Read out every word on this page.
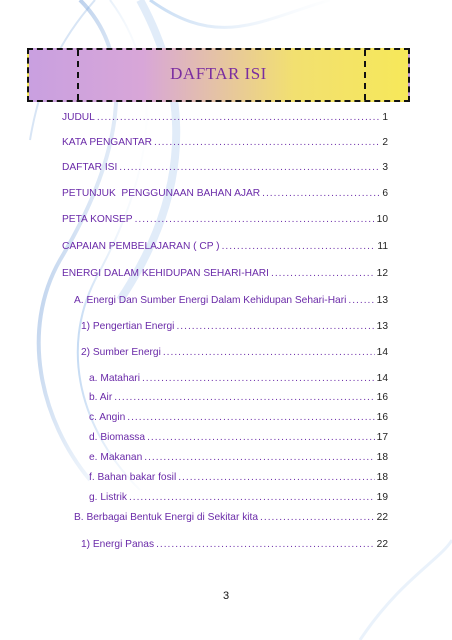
DAFTAR ISI
JUDUL .....	1
KATA PENGANTAR .....	2
DAFTAR ISI .....	3
PETUNJUK  PENGGUNAAN BAHAN AJAR .....	6
PETA KONSEP .....	10
CAPAIAN PEMBELAJARAN ( CP ) .....	11
ENERGI DALAM KEHIDUPAN SEHARI-HARI .....	12
A. Energi Dan Sumber Energi Dalam Kehidupan Sehari-Hari .....	13
1) Pengertian Energi .....	13
2) Sumber Energi .....	14
a. Matahari .....	14
b. Air .....	16
c. Angin .....	16
d. Biomassa .....	17
e. Makanan .....	18
f. Bahan bakar fosil .....	18
g. Listrik .....	19
B. Berbagai Bentuk Energi di Sekitar kita .....	22
1) Energi Panas .....	22
3
